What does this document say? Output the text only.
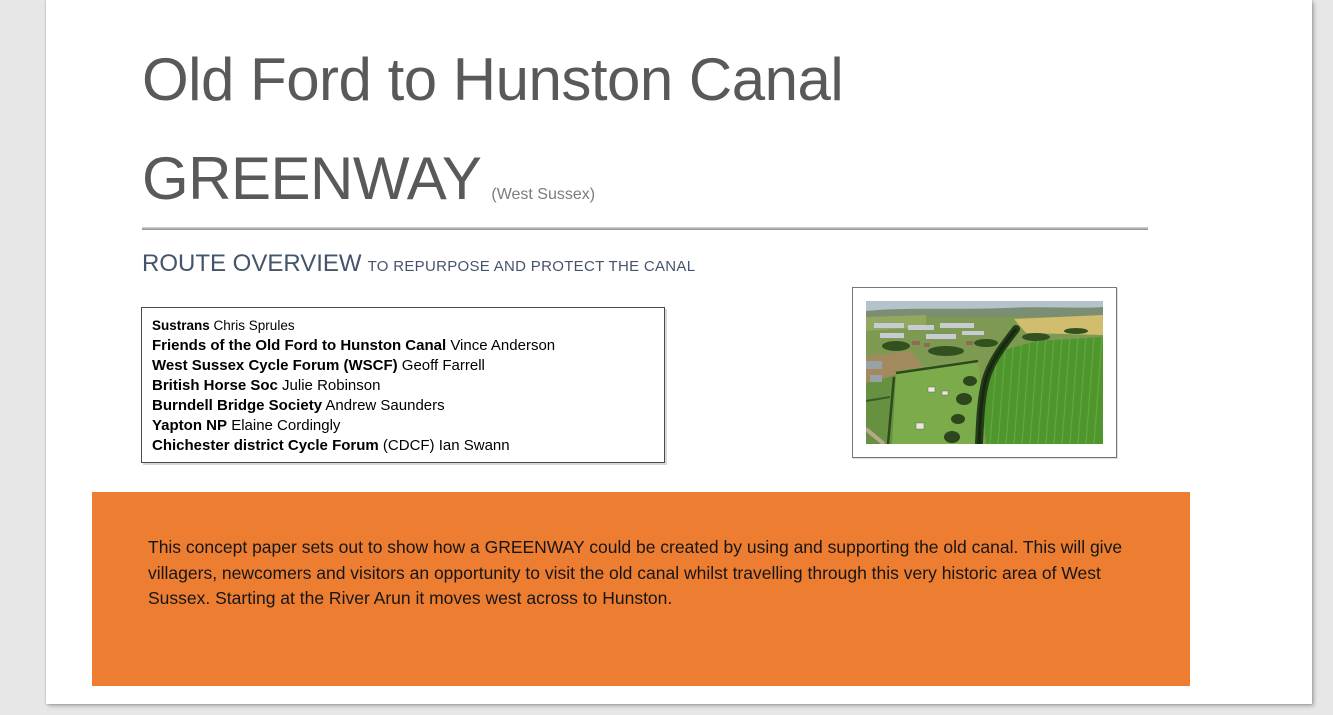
Old Ford to Hunston Canal
GREENWAY (West Sussex)
ROUTE OVERVIEW TO REPURPOSE AND PROTECT THE CANAL
Sustrans Chris Sprules
Friends of the Old Ford to Hunston Canal Vince Anderson
West Sussex Cycle Forum (WSCF) Geoff Farrell
British Horse Soc Julie Robinson
Burndell Bridge Society Andrew Saunders
Yapton NP Elaine Cordingly
Chichester district Cycle Forum (CDCF) Ian Swann
This concept paper sets out to show how a GREENWAY could be created by using and supporting the old canal. This will give villagers, newcomers and visitors an opportunity to visit the old canal whilst travelling through this very historic area of West Sussex. Starting at the River Arun it moves west across to Hunston.
